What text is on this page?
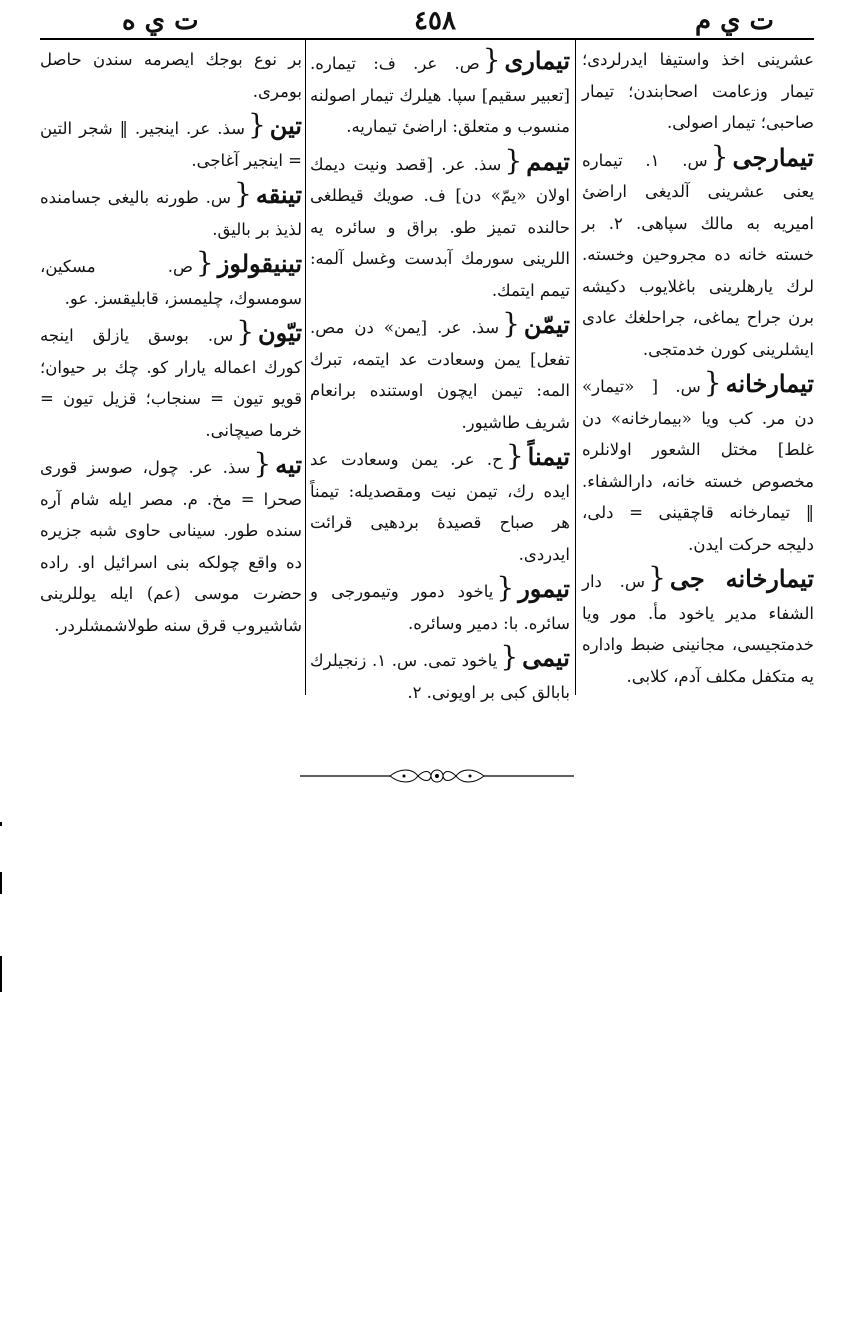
ت ي ه	٤٥٨	ت ي م
عشرينى اخذ واستيفا ايدرلردى؛ تيمار وزعامت اصحابندن؛ تيمار صاحبى؛ تيمار اصولى.
تيمارجى{س. ١. تيماره يعنى عشرينى آلديغى اراضىٔ اميريه به مالك سپاهى. ٢. بر خسته خانه ده مجروحين وخسته. لرك يارهلرينى باغلايوب دكيشه برن جراح يماغى، جراحلغك عادى ايشلرينى كورن خدمتجى.
تيمارخانه{س. [ «تيمار» دن مر. كب ويا «بيمارخانه» دن غلط] مختل الشعور اولانلره مخصوص خسته خانه، دارالشفاء. ‖ تيمارخانه قاچقينى = دلى، دليجه حركت ايدن.
تيمارخانه جى{س. دار الشفاء مدير ياخود مأ. مور ويا خدمتجيسى، مجانينى ضبط واداره يه متكفل مكلف آدم، كلابى.
تيمارى{ص. عر. ف: تيماره. [تعبير سقيم] سپا. هيلرك تيمار اصولنه منسوب و متعلق: اراضىٔ تيماريه.
تيمم{سذ. عر. [قصد ونيت ديمك اولان «يمّ» دن] ف. صويك قيطلغى حالنده تميز طو. براق و سائره يه اللرينى سورمك آبدست وغسل آلمه: تيمم ايتمك.
تيمّن{سذ. عر. [يمن» دن مص. تفعل] يمن وسعادت عد ايتمه، تبرك المه: تيمن ايچون اوستنده برانعام شريف طاشيور.
تيمناً{ح. عر. يمن وسعادت عد ايده رك، تيمن نيت ومقصديله: تيمناً هر صباح قصيدهٔ بردهيى قرائت ايدردى.
تيمور{ياخود دمور وتيمورجى و سائره. با: دمير وسائره.
تيمى{ياخود تمى. س. ١. زنجيلرك بابالق كبى بر اويونى. ٢.
بر نوع بوجك ايصرمه سندن حاصل بومرى.
تين{سذ. عر. اينجير. ‖ شجر التين = اينجير آغاجى.
تينقه{س. طورنه باليغى جسامنده لذيذ بر باليق.
تينيقولوز{ص. مسكين، سومسوك، چليمسز، قابليقسز. عو.
تيّون{س. بوسق يازلق اينجه كورك اعماله يارار كو. چك بر حيوان؛ قويو تيون = سنجاب؛ قزيل تيون = خرما صيچانى.
تيه{سذ. عر. چول، صوسز قورى صحرا = مخ. م. مصر ايله شام آره سنده طور. سيناىى حاوى شبه جزيره ده واقع چولكه بنى اسرائيل او. راده حضرت موسى (عم) ايله يوللرينى شاشيروب قرق سنه طولاشمشلردر.
